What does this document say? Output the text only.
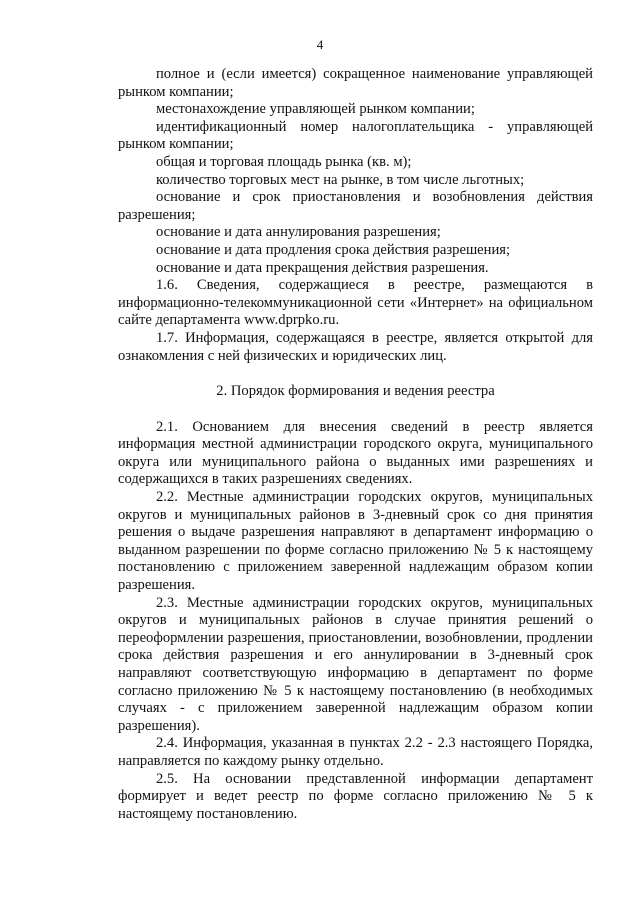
4

полное и (если имеется) сокращенное наименование управляющей рынком компании;

местонахождение управляющей рынком компании;

идентификационный номер налогоплательщика - управляющей рынком компании;

общая и торговая площадь рынка (кв. м);

количество торговых мест на рынке, в том числе льготных;

основание и срок приостановления и возобновления действия разрешения;

основание и дата аннулирования разрешения;

основание и дата продления срока действия разрешения;

основание и дата прекращения действия разрешения.

1.6. Сведения, содержащиеся в реестре, размещаются в информационно-телекоммуникационной сети «Интернет» на официальном сайте департамента www.dprpko.ru.

1.7. Информация, содержащаяся в реестре, является открытой для ознакомления с ней физических и юридических лиц.

2. Порядок формирования и ведения реестра

2.1. Основанием для внесения сведений в реестр является информация местной администрации городского округа, муниципального округа или муниципального района о выданных ими разрешениях и содержащихся в таких разрешениях сведениях.

2.2. Местные администрации городских округов, муниципальных округов и муниципальных районов в 3-дневный срок со дня принятия решения о выдаче разрешения направляют в департамент информацию о выданном разрешении по форме согласно приложению № 5 к настоящему постановлению с приложением заверенной надлежащим образом копии разрешения.

2.3. Местные администрации городских округов, муниципальных округов и муниципальных районов в случае принятия решений о переоформлении разрешения, приостановлении, возобновлении, продлении срока действия разрешения и его аннулировании в 3-дневный срок направляют соответствующую информацию в департамент по форме согласно приложению № 5 к настоящему постановлению (в необходимых случаях - с приложением заверенной надлежащим образом копии разрешения).

2.4. Информация, указанная в пунктах 2.2 - 2.3 настоящего Порядка, направляется по каждому рынку отдельно.

2.5. На основании представленной информации департамент формирует и ведет реестр по форме согласно приложению № 5 к настоящему постановлению.
